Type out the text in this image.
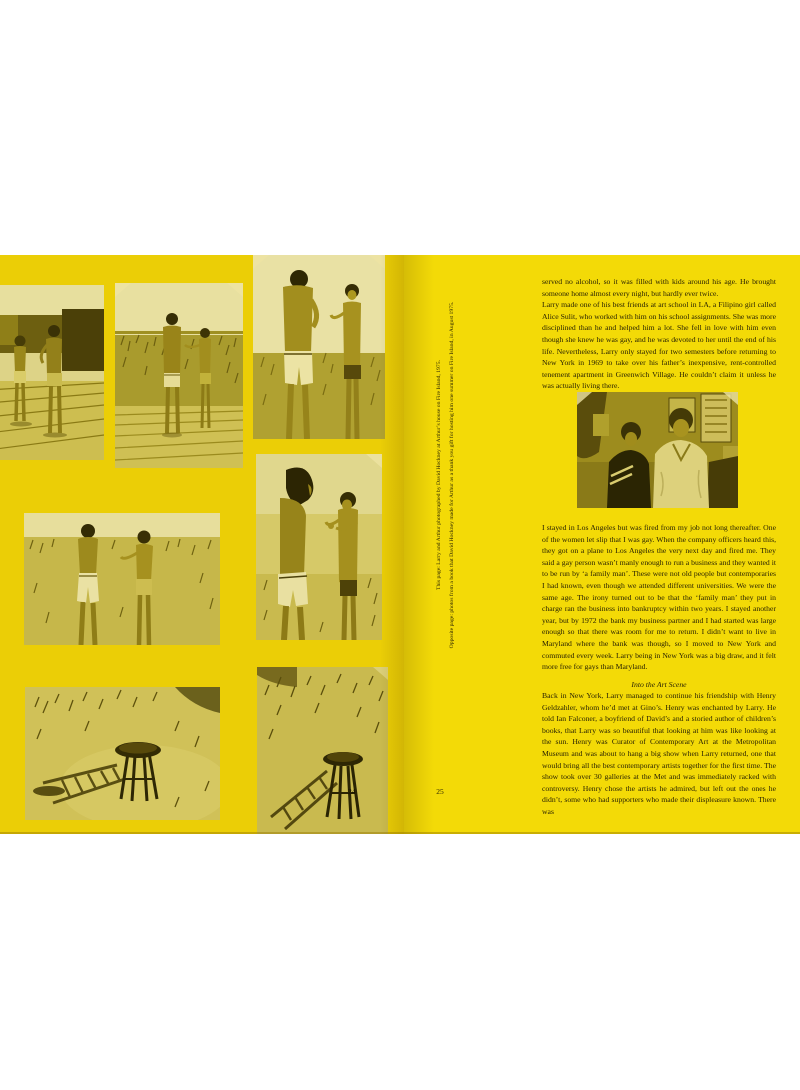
24
This page: Larry and Arthur photographed by David Hockney at Arthur’s house on Fire Island, 1975.	Opposite page: photos from a book that David Hockney made for Arthur as a thank you gift for hosting him one summer on Fire Island, in August 1975.

served no alcohol, so it was filled with kids around his age. He brought someone home almost every night, but hardly ever twice.

Larry made one of his best friends at art school in LA, a Filipino girl called Alice Sulit, who worked with him on his school assignments. She was more disciplined than he and helped him a lot. She fell in love with him even though she knew he was gay, and he was devoted to her until the end of his life. Nevertheless, Larry only stayed for two semesters before returning to New York in 1969 to take over his father’s inexpensive, rent-controlled tenement apartment in Greenwich Village. He couldn’t claim it unless he was actually living there.

I stayed in Los Angeles but was fired from my job not long thereafter. One of the women let slip that I was gay. When the company officers heard this, they got on a plane to Los Angeles the very next day and fired me. They said a gay person wasn’t manly enough to run a business and they wanted it to be run by ‘a family man’. These were not old people but contemporaries I had known, even though we attended different universities. We were the same age. The irony turned out to be that the ‘family man’ they put in charge ran the business into bankruptcy within two years. I stayed another year, but by 1972 the bank my business partner and I had started was large enough so that there was room for me to return. I didn’t want to live in Maryland where the bank was though, so I moved to New York and commuted every week. Larry being in New York was a big draw, and it felt more free for gays than Maryland.

Into the Art Scene

Back in New York, Larry managed to continue his friendship with Henry Geldzahler, whom he’d met at Gino’s. Henry was enchanted by Larry. He told Ian Falconer, a boyfriend of David’s and a storied author of children’s books, that Larry was so beautiful that looking at him was like looking at the sun. Henry was Curator of Contemporary Art at the Metropolitan Museum and was about to hang a big show when Larry returned, one that would bring all the best contemporary artists together for the first time. The show took over 30 galleries at the Met and was immediately racked with controversy. Henry chose the artists he admired, but left out the ones he didn’t, some who had supporters who made their displeasure known. There was

25
